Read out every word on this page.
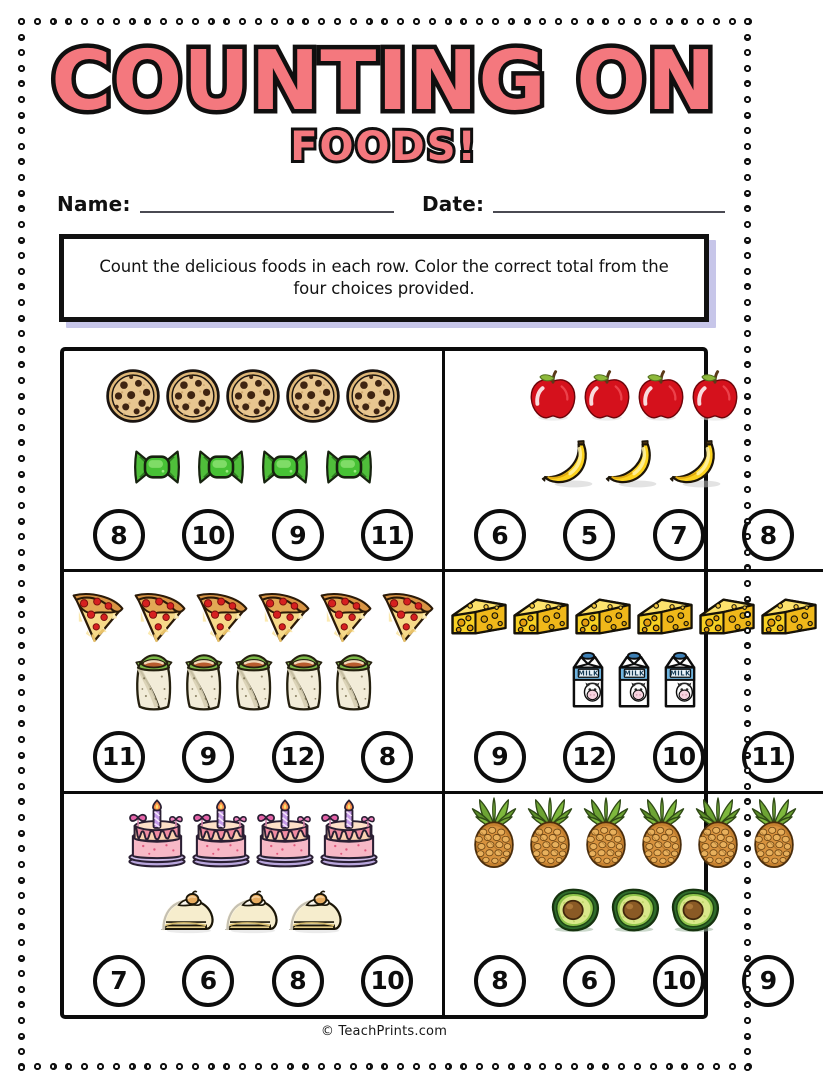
COUNTING ON FOODS!
Name:	Date:
Count the delicious foods in each row. Color the correct total from the four choices provided.
8	10	9	11	6	5	7	8
11	9	12	8
MILK	MILK	MILK
9	12 10 11
7	6	8	10	8	6	10	9
© TeachPrints.com
